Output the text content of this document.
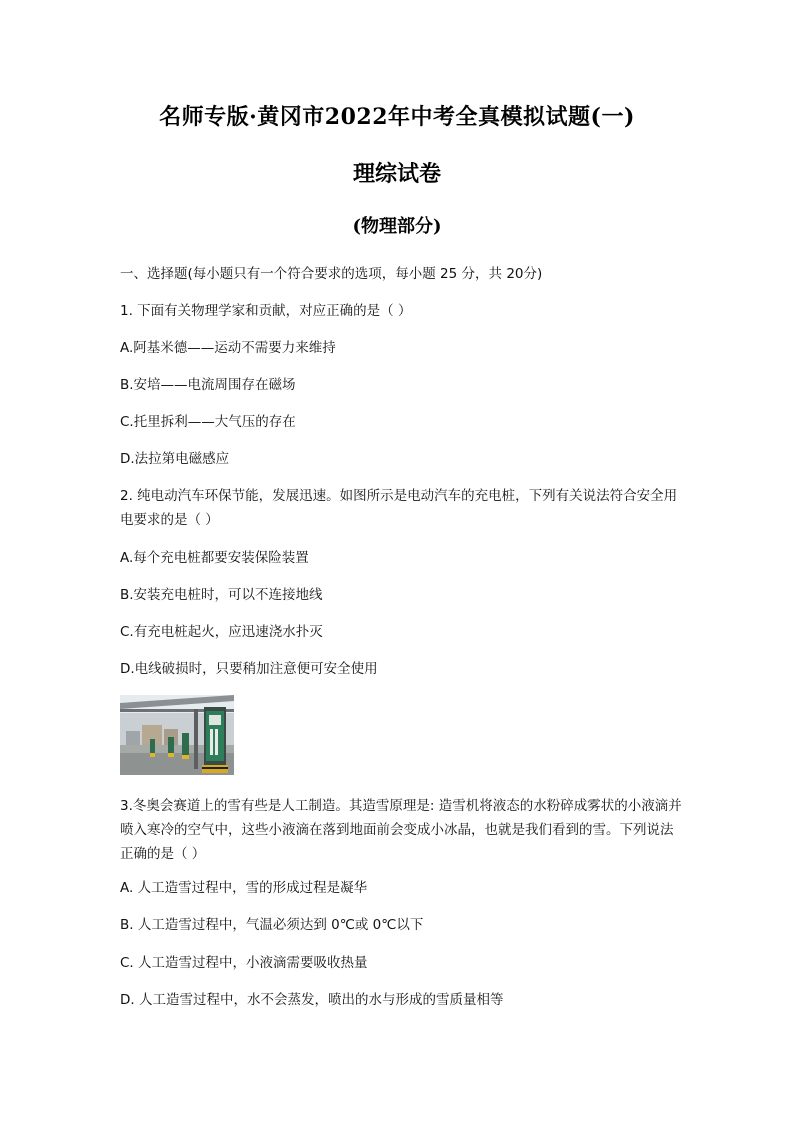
名师专版·黄冈市2022年中考全真模拟试题(一)
理综试卷
(物理部分)
一、选择题(每小题只有一个符合要求的选项，每小题 25 分，共 20分)
1. 下面有关物理学家和贡献，对应正确的是（ ）
A.阿基米德——运动不需要力来维持
B.安培——电流周围存在磁场
C.托里拆利——大气压的存在
D.法拉第电磁感应
2. 纯电动汽车环保节能，发展迅速。如图所示是电动汽车的充电桩，下列有关说法符合安全用电要求的是（ ）
A.每个充电桩都要安装保险装置
B.安装充电桩时，可以不连接地线
C.有充电桩起火，应迅速浇水扑灭
D.电线破损时，只要稍加注意便可安全使用
3.冬奥会赛道上的雪有些是人工制造。其造雪原理是: 造雪机将液态的水粉碎成雾状的小液滴并喷入寒冷的空气中，这些小液滴在落到地面前会变成小冰晶，也就是我们看到的雪。下列说法正确的是（ ）
A. 人工造雪过程中，雪的形成过程是凝华
B. 人工造雪过程中，气温必须达到 0℃或 0℃以下
C. 人工造雪过程中，小液滴需要吸收热量
D. 人工造雪过程中，水不会蒸发，喷出的水与形成的雪质量相等
